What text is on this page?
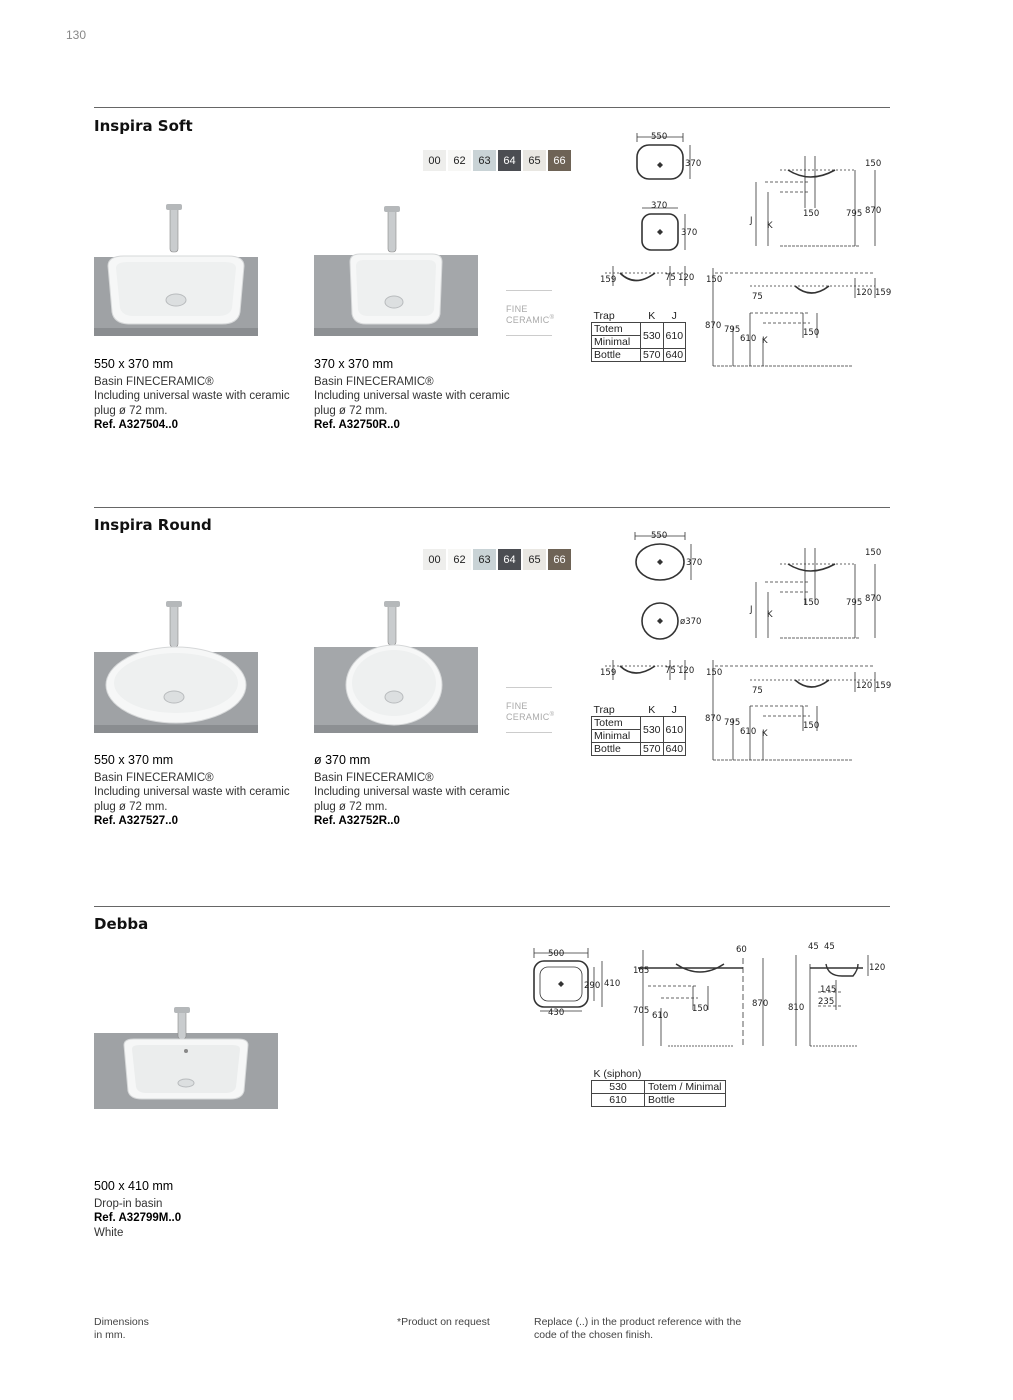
130
Inspira Soft
00	62	63	64	65	66
FINE
CERAMIC®
550 x 370 mm
Basin FINECERAMIC®
Including universal waste with ceramic
plug ø 72 mm.
Ref. A327504..0
370 x 370 mm
Basin FINECERAMIC®
Including universal waste with ceramic
plug ø 72 mm.
Ref. A32750R..0
550
370
370
370
150
150	795 870
J K
159	75 120 150
75	120 159
870 795
610 K
150
Trap	K	J
Totem	530	610
Minimal		
Bottle	570	640
Inspira Round
00	62	63	64	65	66
FINE
CERAMIC®
550 x 370 mm
Basin FINECERAMIC®
Including universal waste with ceramic
plug ø 72 mm.
Ref. A327527..0
ø 370 mm
Basin FINECERAMIC®
Including universal waste with ceramic
plug ø 72 mm.
Ref. A32752R..0
550
370
ø370
150
150	795 870
J K
159	75 120 150
75	120 159
870 795
610 K
150
Trap	K	J
Totem	530	610
Minimal		
Bottle	570	640
Debba
500 x 410 mm
Drop-in basin
Ref. A32799M..0
White
500
430
290 410
60
165
705 610
150	870
45 45
120
145
235
810
K (siphon)	
530	Totem / Minimal
610	Bottle
Dimensions
in mm.
*Product on request	Replace (..) in the product reference with the
code of the chosen finish.
